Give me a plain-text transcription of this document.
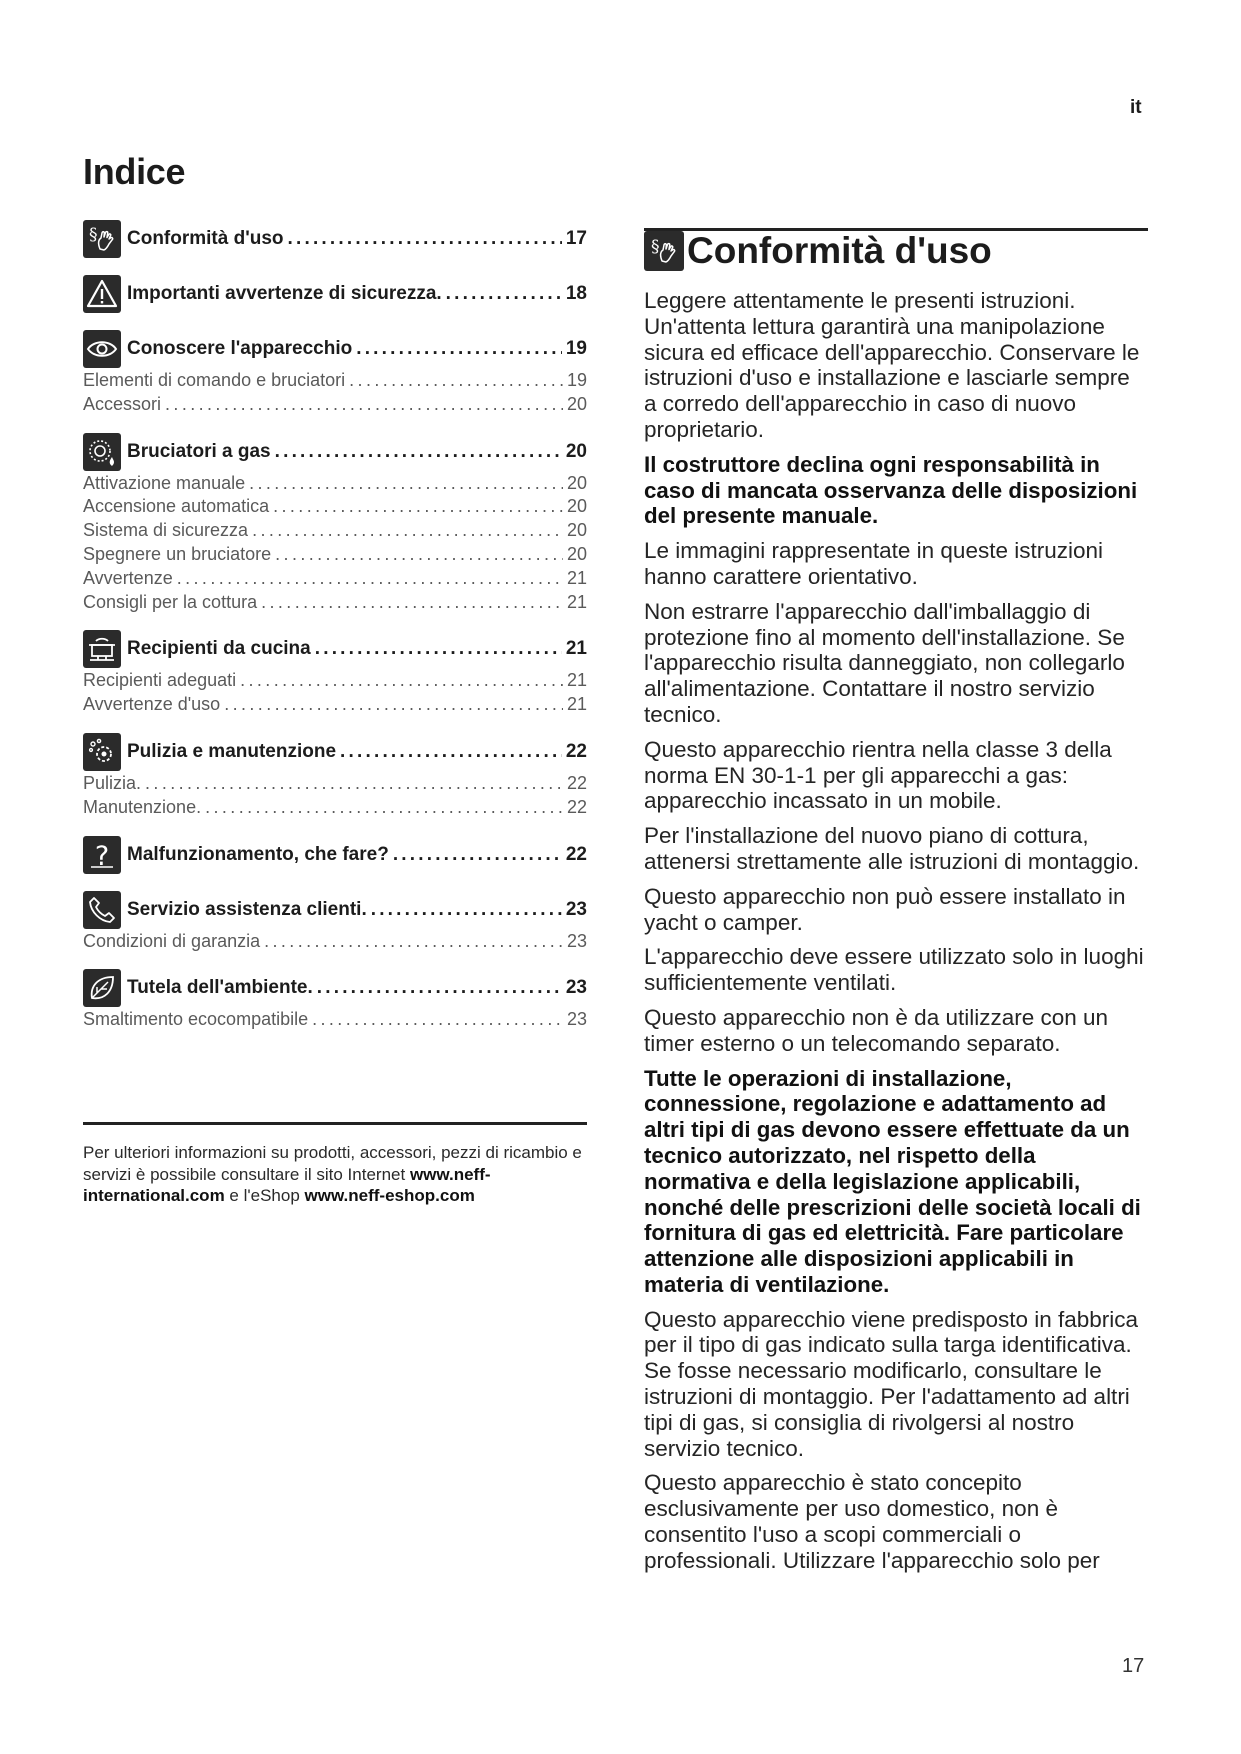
it
Indice
§ Conformità d'uso .....	17
Importanti avvertenze di sicurezza. .....	18
Conoscere l'apparecchio .....	19
Elementi di comando e bruciatori .....	19
Accessori .....	20
Bruciatori a gas .....	20
Attivazione manuale .....	20
Accensione automatica .....	20
Sistema di sicurezza .....	20
Spegnere un bruciatore .....	20
Avvertenze .....	21
Consigli per la cottura .....	21
Recipienti da cucina .....	21
Recipienti adeguati .....	21
Avvertenze d'uso .....	21
Pulizia e manutenzione .....	22
Pulizia. .....	22
Manutenzione. .....	22
? Malfunzionamento, che fare? .....	22
Servizio assistenza clienti. .....	23
Condizioni di garanzia .....	23
Tutela dell'ambiente. .....	23
Smaltimento ecocompatibile .....	23

Per ulteriori informazioni su prodotti, accessori, pezzi di ricambio e servizi è possibile consultare il sito Internet www.neff-international.com e l'eShop www.neff-eshop.com

§ Conformità d'uso

Leggere attentamente le presenti istruzioni. Un'attenta lettura garantirà una manipolazione sicura ed efficace dell'apparecchio. Conservare le istruzioni d'uso e installazione e lasciarle sempre a corredo dell'apparecchio in caso di nuovo proprietario.

Il costruttore declina ogni responsabilità in caso di mancata osservanza delle disposizioni del presente manuale.

Le immagini rappresentate in queste istruzioni hanno carattere orientativo.

Non estrarre l'apparecchio dall'imballaggio di protezione fino al momento dell'installazione. Se l'apparecchio risulta danneggiato, non collegarlo all'alimentazione. Contattare il nostro servizio tecnico.

Questo apparecchio rientra nella classe 3 della norma EN 30-1-1 per gli apparecchi a gas: apparecchio incassato in un mobile.

Per l'installazione del nuovo piano di cottura, attenersi strettamente alle istruzioni di montaggio.

Questo apparecchio non può essere installato in yacht o camper.

L'apparecchio deve essere utilizzato solo in luoghi sufficientemente ventilati.

Questo apparecchio non è da utilizzare con un timer esterno o un telecomando separato.

Tutte le operazioni di installazione, connessione, regolazione e adattamento ad altri tipi di gas devono essere effettuate da un tecnico autorizzato, nel rispetto della normativa e della legislazione applicabili, nonché delle prescrizioni delle società locali di fornitura di gas ed elettricità. Fare particolare attenzione alle disposizioni applicabili in materia di ventilazione.

Questo apparecchio viene predisposto in fabbrica per il tipo di gas indicato sulla targa identificativa. Se fosse necessario modificarlo, consultare le istruzioni di montaggio. Per l'adattamento ad altri tipi di gas, si consiglia di rivolgersi al nostro servizio tecnico.

Questo apparecchio è stato concepito esclusivamente per uso domestico, non è consentito l'uso a scopi commerciali o professionali. Utilizzare l'apparecchio solo per

17
